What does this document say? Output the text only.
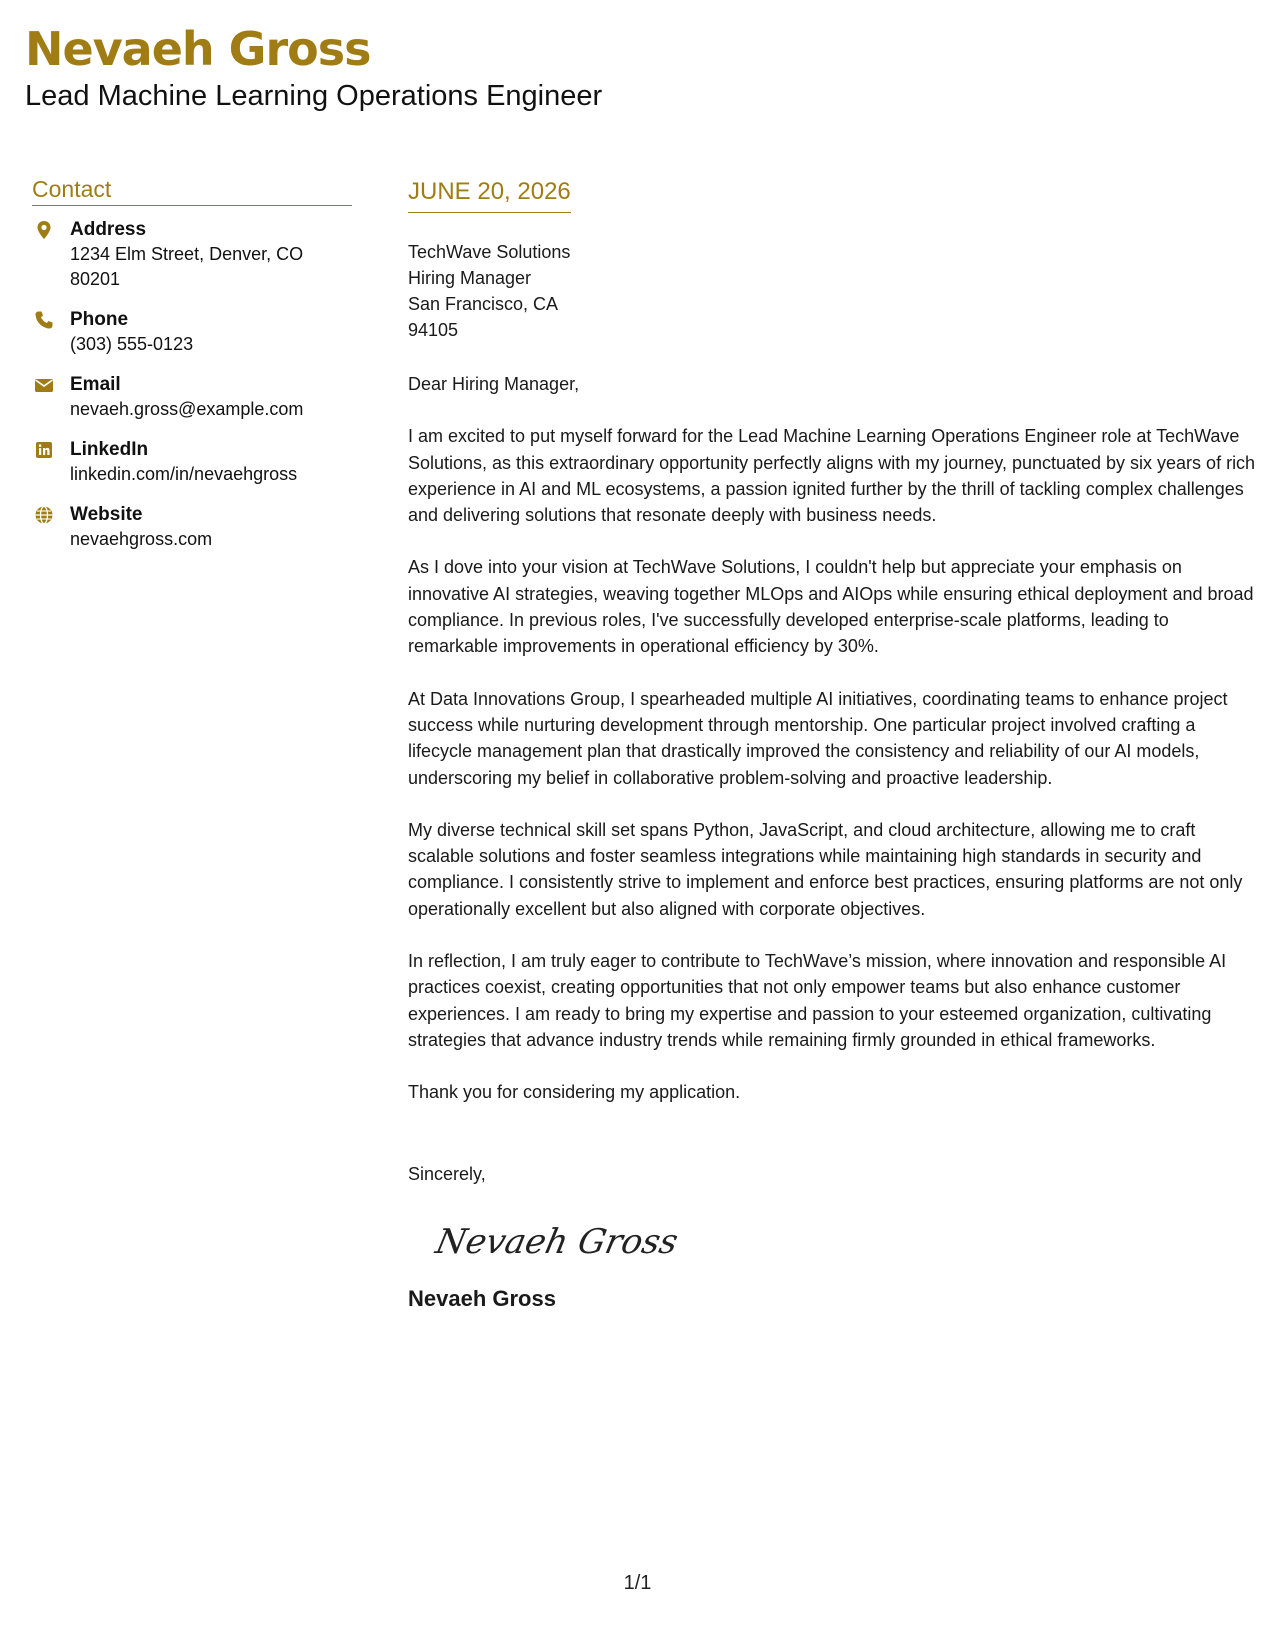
Nevaeh Gross
Lead Machine Learning Operations Engineer
Contact
Address
1234 Elm Street, Denver, CO 80201
Phone
(303) 555-0123
Email
nevaeh.gross@example.com
LinkedIn
linkedin.com/in/nevaehgross
Website
nevaehgross.com
JUNE 20, 2026
TechWave Solutions
Hiring Manager
San Francisco, CA
94105

Dear Hiring Manager,

I am excited to put myself forward for the Lead Machine Learning Operations Engineer role at TechWave Solutions, as this extraordinary opportunity perfectly aligns with my journey, punctuated by six years of rich experience in AI and ML ecosystems, a passion ignited further by the thrill of tackling complex challenges and delivering solutions that resonate deeply with business needs.

As I dove into your vision at TechWave Solutions, I couldn't help but appreciate your emphasis on innovative AI strategies, weaving together MLOps and AIOps while ensuring ethical deployment and broad compliance. In previous roles, I've successfully developed enterprise-scale platforms, leading to remarkable improvements in operational efficiency by 30%.

At Data Innovations Group, I spearheaded multiple AI initiatives, coordinating teams to enhance project success while nurturing development through mentorship. One particular project involved crafting a lifecycle management plan that drastically improved the consistency and reliability of our AI models, underscoring my belief in collaborative problem-solving and proactive leadership.

My diverse technical skill set spans Python, JavaScript, and cloud architecture, allowing me to craft scalable solutions and foster seamless integrations while maintaining high standards in security and compliance. I consistently strive to implement and enforce best practices, ensuring platforms are not only operationally excellent but also aligned with corporate objectives.

In reflection, I am truly eager to contribute to TechWave’s mission, where innovation and responsible AI practices coexist, creating opportunities that not only empower teams but also enhance customer experiences. I am ready to bring my expertise and passion to your esteemed organization, cultivating strategies that advance industry trends while remaining firmly grounded in ethical frameworks.

Thank you for considering my application.

Sincerely,

Nevaeh Gross
Nevaeh Gross
1/1
